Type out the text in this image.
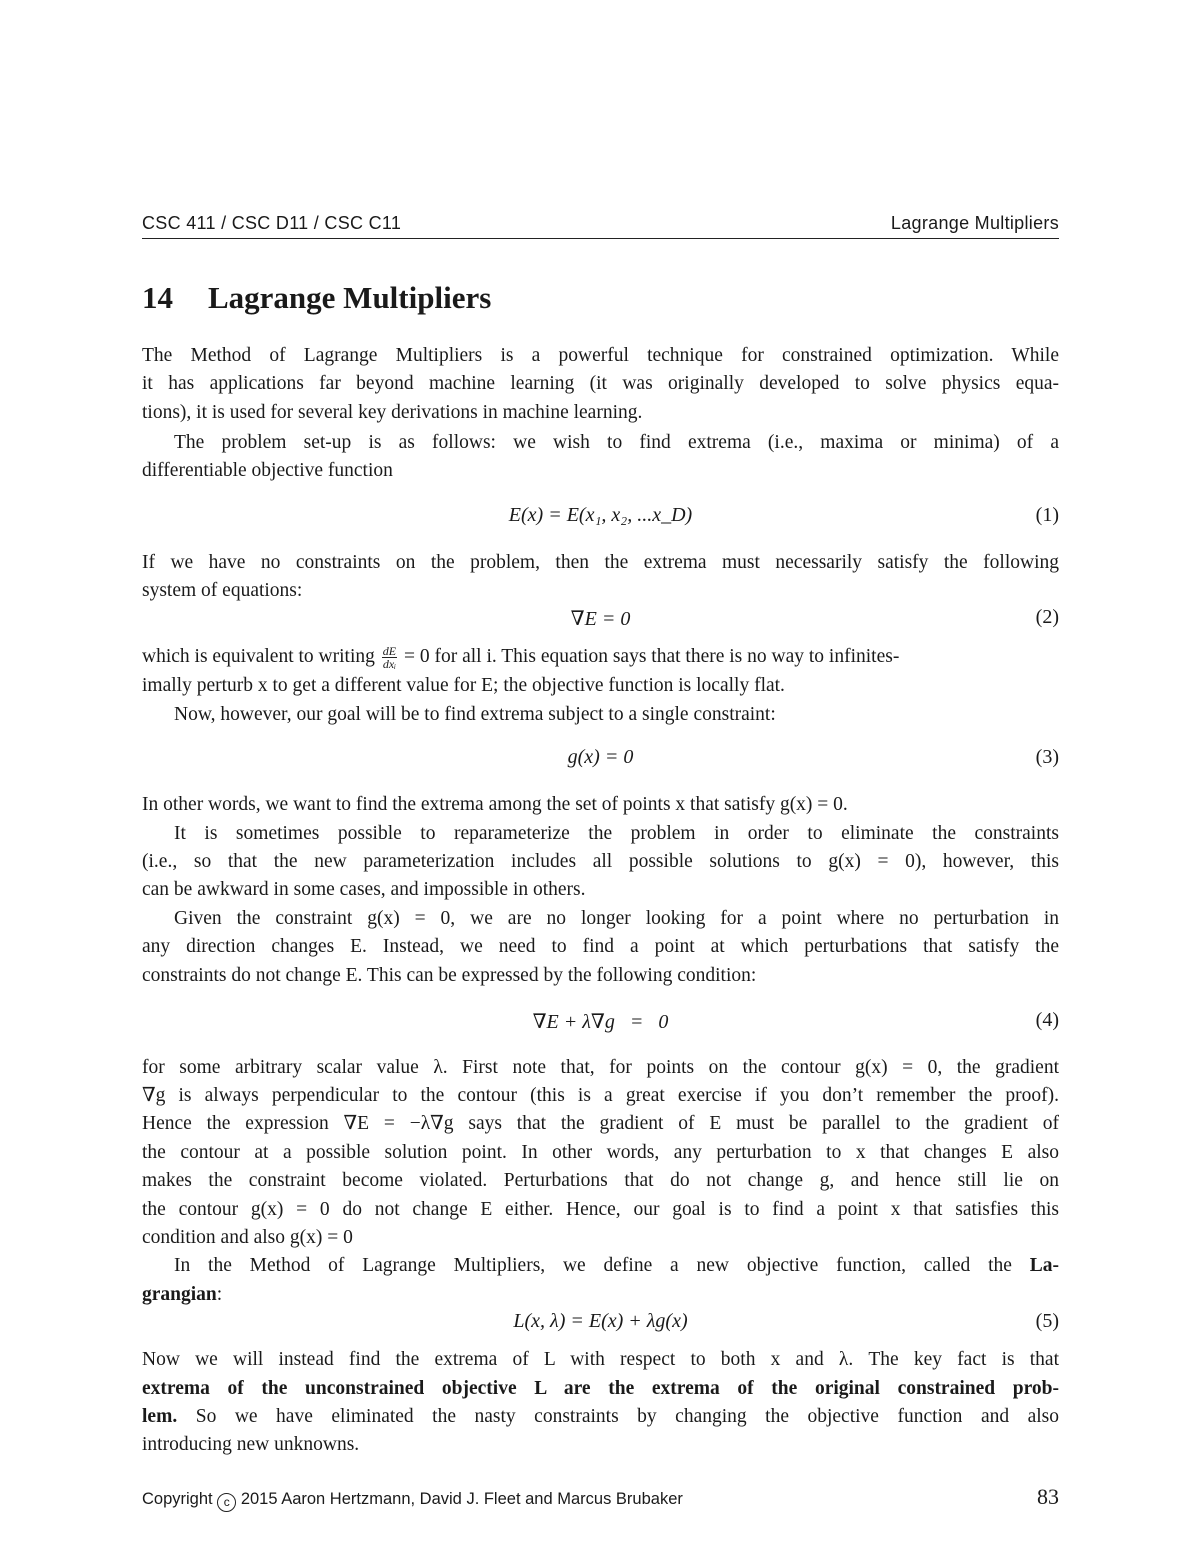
CSC 411 / CSC D11 / CSC C11	Lagrange Multipliers
14 Lagrange Multipliers
The Method of Lagrange Multipliers is a powerful technique for constrained optimization. While
it has applications far beyond machine learning (it was originally developed to solve physics equa-
tions), it is used for several key derivations in machine learning.
The problem set-up is as follows: we wish to find extrema (i.e., maxima or minima) of a
differentiable objective function
E(x) = E(x₁, x₂, ...x_D)	(1)
If we have no constraints on the problem, then the extrema must necessarily satisfy the following
system of equations:
∇E = 0	(2)
which is equivalent to writing $\frac{dE}{\text{dxᵢ}} = 0$ for all i. This equation says that there is no way to infinites-
imally perturb x to get a different value for E; the objective function is locally flat.
Now, however, our goal will be to find extrema subject to a single constraint:
g(x) = 0	(3)
In other words, we want to find the extrema among the set of points x that satisfy g(x) = 0.
It is sometimes possible to reparameterize the problem in order to eliminate the constraints
(i.e., so that the new parameterization includes all possible solutions to g(x) = 0), however, this
can be awkward in some cases, and impossible in others.
Given the constraint g(x) = 0, we are no longer looking for a point where no perturbation in
any direction changes E. Instead, we need to find a point at which perturbations that satisfy the
constraints do not change E. This can be expressed by the following condition:
∇E + λ∇g   =   0	(4)
for some arbitrary scalar value λ. First note that, for points on the contour g(x) = 0, the gradient
∇g is always perpendicular to the contour (this is a great exercise if you don’t remember the proof).
Hence the expression ∇E = −λ∇g says that the gradient of E must be parallel to the gradient of
the contour at a possible solution point. In other words, any perturbation to x that changes E also
makes the constraint become violated. Perturbations that do not change g, and hence still lie on
the contour g(x) = 0 do not change E either. Hence, our goal is to find a point x that satisfies this
condition and also g(x) = 0
In the Method of Lagrange Multipliers, we define a new objective function, called the La-
grangian:
L(x, λ) = E(x) + λg(x)	(5)
Now we will instead find the extrema of L with respect to both x and λ. The key fact is that
extrema of the unconstrained objective L are the extrema of the original constrained prob-
lem. So we have eliminated the nasty constraints by changing the objective function and also
introducing new unknowns.
Copyright c 2015 Aaron Hertzmann, David J. Fleet and Marcus Brubaker	83
